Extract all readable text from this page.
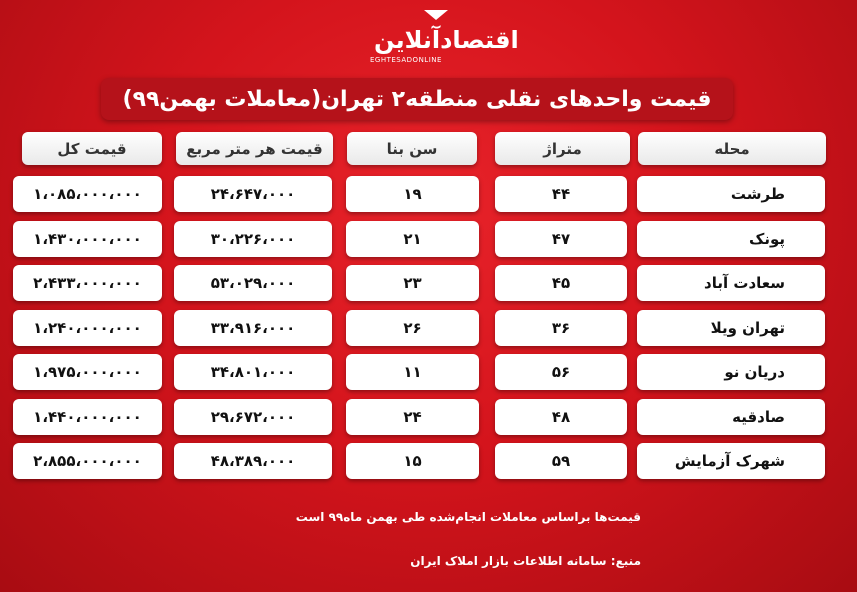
اقتصادآنلاین
EGHTESADONLINE
قیمت واحدهای نقلی منطقه۲ تهران(معاملات بهمن۹۹)
محله
متراژ
سن بنا
قیمت هر متر مربع
قیمت کل
طرشت
۴۴
۱۹
۲۴،۶۴۷،۰۰۰
۱،۰۸۵،۰۰۰،۰۰۰
پونک
۴۷
۲۱
۳۰،۲۲۶،۰۰۰
۱،۴۳۰،۰۰۰،۰۰۰
سعادت آباد
۴۵
۲۳
۵۳،۰۲۹،۰۰۰
۲،۴۳۳،۰۰۰،۰۰۰
تهران ویلا
۳۶
۲۶
۳۳،۹۱۶،۰۰۰
۱،۲۴۰،۰۰۰،۰۰۰
دریان نو
۵۶
۱۱
۳۴،۸۰۱،۰۰۰
۱،۹۷۵،۰۰۰،۰۰۰
صادقیه
۴۸
۲۴
۲۹،۶۷۲،۰۰۰
۱،۴۴۰،۰۰۰،۰۰۰
شهرک آزمایش
۵۹
۱۵
۴۸،۳۸۹،۰۰۰
۲،۸۵۵،۰۰۰،۰۰۰
قیمت‌ها براساس معاملات انجام‌شده طی بهمن ماه۹۹ است
منبع: سامانه اطلاعات بازار املاک ایران
